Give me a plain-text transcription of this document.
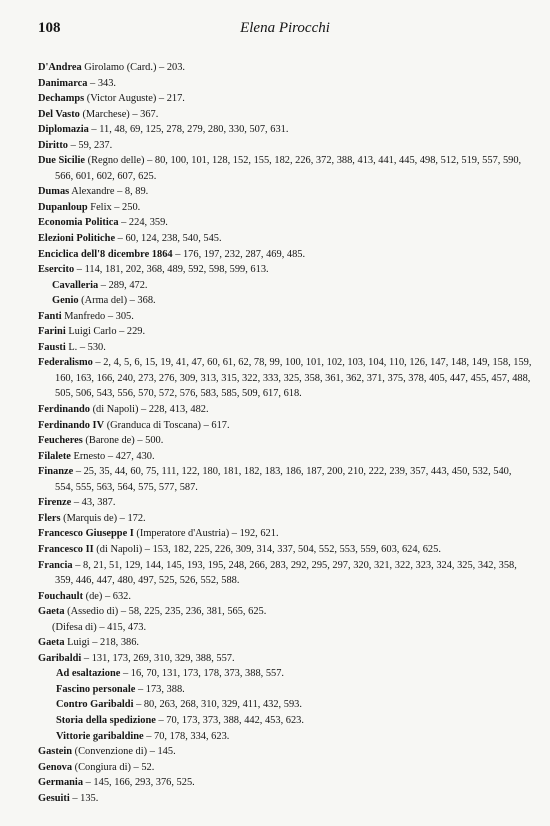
108	Elena Pirocchi
D'Andrea Girolamo (Card.) – 203.
Danimarca – 343.
Dechamps (Victor Auguste) – 217.
Del Vasto (Marchese) – 367.
Diplomazia – 11, 48, 69, 125, 278, 279, 280, 330, 507, 631.
Diritto – 59, 237.
Due Sicilie (Regno delle) – 80, 100, 101, 128, 152, 155, 182, 226, 372, 388, 413, 441, 445, 498, 512, 519, 557, 590, 566, 601, 602, 607, 625.
Dumas Alexandre – 8, 89.
Dupanloup Felix – 250.
Economia Politica – 224, 359.
Elezioni Politiche – 60, 124, 238, 540, 545.
Enciclica dell'8 dicembre 1864 – 176, 197, 232, 287, 469, 485.
Esercito – 114, 181, 202, 368, 489, 592, 598, 599, 613.
Cavalleria – 289, 472.
Genio (Arma del) – 368.
Fanti Manfredo – 305.
Farini Luigi Carlo – 229.
Fausti L. – 530.
Federalismo – 2, 4, 5, 6, 15, 19, 41, 47, 60, 61, 62, 78, 99, 100, 101, 102, 103, 104, 110, 126, 147, 148, 149, 158, 159, 160, 163, 166, 240, 273, 276, 309, 313, 315, 322, 333, 325, 358, 361, 362, 371, 375, 378, 405, 447, 455, 457, 488, 505, 506, 543, 556, 570, 572, 576, 583, 585, 509, 617, 618.
Ferdinando (di Napoli) – 228, 413, 482.
Ferdinando IV (Granduca di Toscana) – 617.
Feucheres (Barone de) – 500.
Filalete Ernesto – 427, 430.
Finanze – 25, 35, 44, 60, 75, 111, 122, 180, 181, 182, 183, 186, 187, 200, 210, 222, 239, 357, 443, 450, 532, 540, 554, 555, 563, 564, 575, 577, 587.
Firenze – 43, 387.
Flers (Marquis de) – 172.
Francesco Giuseppe I (Imperatore d'Austria) – 192, 621.
Francesco II (di Napoli) – 153, 182, 225, 226, 309, 314, 337, 504, 552, 553, 559, 603, 624, 625.
Francia – 8, 21, 51, 129, 144, 145, 193, 195, 248, 266, 283, 292, 295, 297, 320, 321, 322, 323, 324, 325, 342, 358, 359, 446, 447, 480, 497, 525, 526, 552, 588.
Fouchault (de) – 632.
Gaeta (Assedio di) – 58, 225, 235, 236, 381, 565, 625.
(Difesa di) – 415, 473.
Gaeta Luigi – 218, 386.
Garibaldi – 131, 173, 269, 310, 329, 388, 557.
Ad esaltazione – 16, 70, 131, 173, 178, 373, 388, 557.
Fascino personale – 173, 388.
Contro Garibaldi – 80, 263, 268, 310, 329, 411, 432, 593.
Storia della spedizione – 70, 173, 373, 388, 442, 453, 623.
Vittorie garibaldine – 70, 178, 334, 623.
Gastein (Convenzione di) – 145.
Genova (Congiura di) – 52.
Germania – 145, 166, 293, 376, 525.
Gesuiti – 135.
